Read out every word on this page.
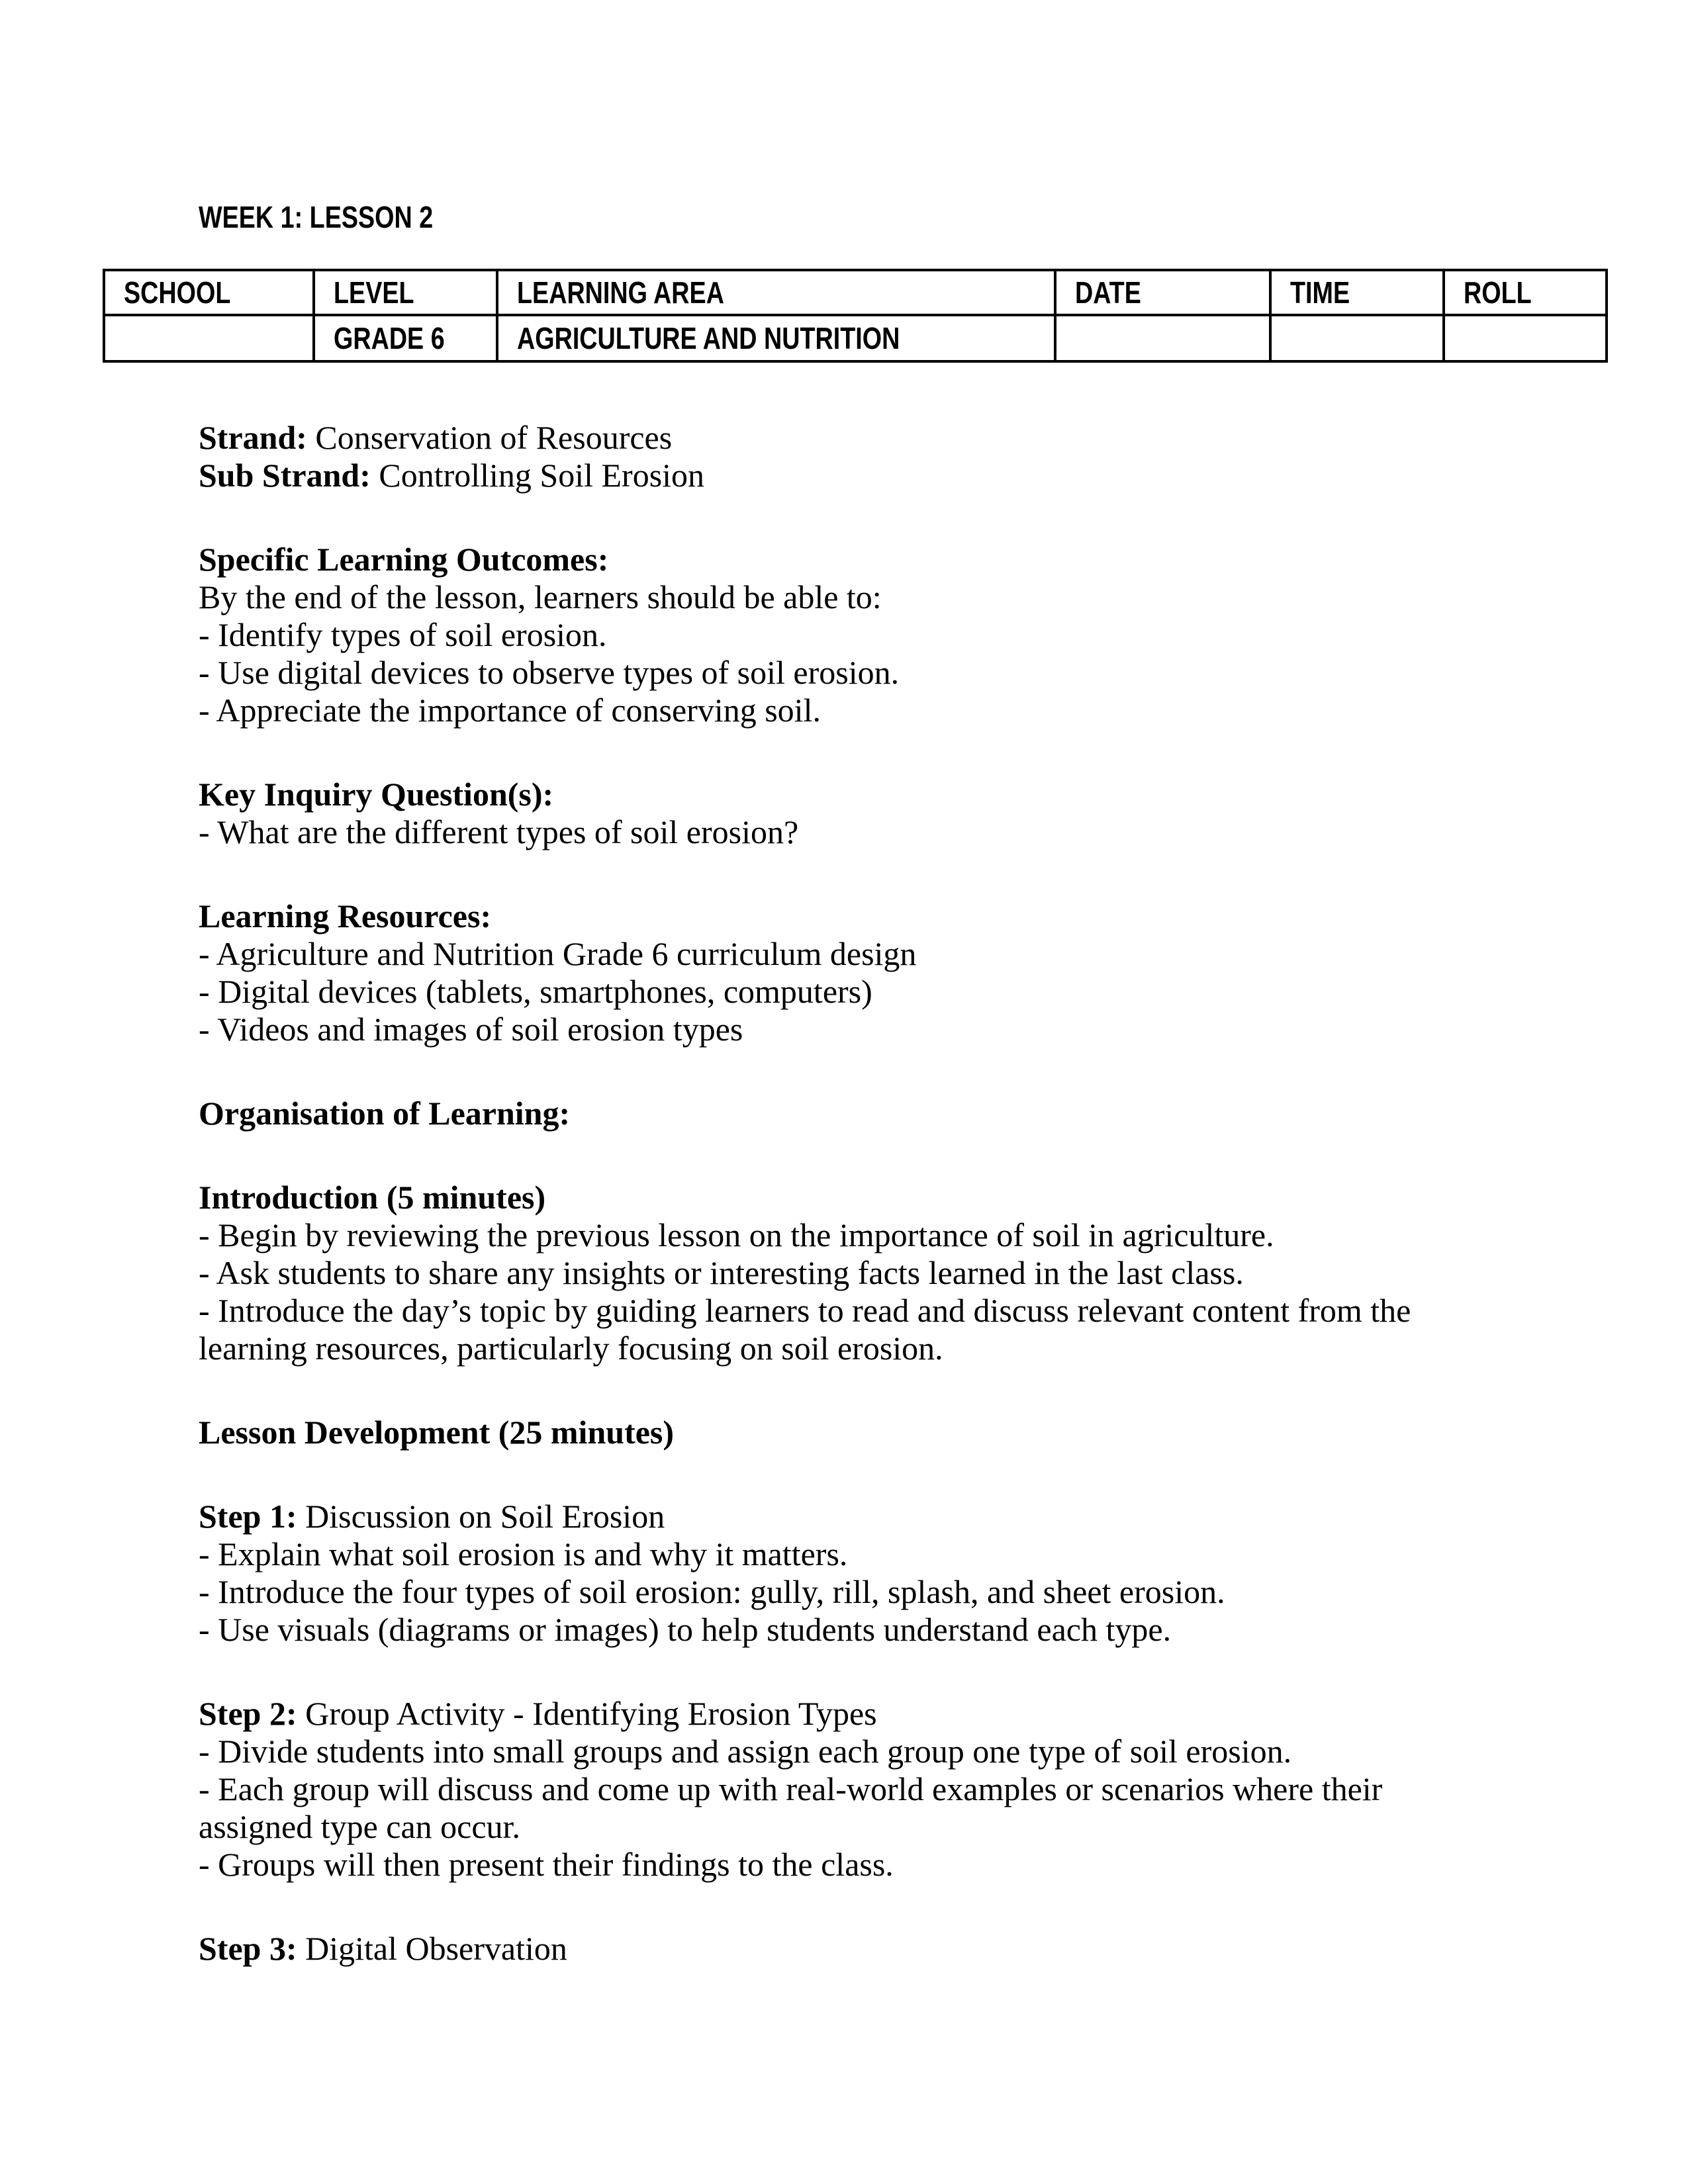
WEEK 1: LESSON 2
SCHOOL	LEVEL	LEARNING AREA	DATE	TIME	ROLL
	GRADE 6	AGRICULTURE AND NUTRITION			

Strand: Conservation of Resources

Sub Strand: Controlling Soil Erosion

Specific Learning Outcomes:

By the end of the lesson, learners should be able to:

- Identify types of soil erosion.

- Use digital devices to observe types of soil erosion.

- Appreciate the importance of conserving soil.

Key Inquiry Question(s):

- What are the different types of soil erosion?

Learning Resources:

- Agriculture and Nutrition Grade 6 curriculum design

- Digital devices (tablets, smartphones, computers)

- Videos and images of soil erosion types

Organisation of Learning:

Introduction (5 minutes)

- Begin by reviewing the previous lesson on the importance of soil in agriculture.

- Ask students to share any insights or interesting facts learned in the last class.

- Introduce the day’s topic by guiding learners to read and discuss relevant content from the learning resources, particularly focusing on soil erosion.

Lesson Development (25 minutes)

Step 1: Discussion on Soil Erosion

- Explain what soil erosion is and why it matters.

- Introduce the four types of soil erosion: gully, rill, splash, and sheet erosion.

- Use visuals (diagrams or images) to help students understand each type.

Step 2: Group Activity - Identifying Erosion Types

- Divide students into small groups and assign each group one type of soil erosion.

- Each group will discuss and come up with real-world examples or scenarios where their assigned type can occur.

- Groups will then present their findings to the class.

Step 3: Digital Observation
